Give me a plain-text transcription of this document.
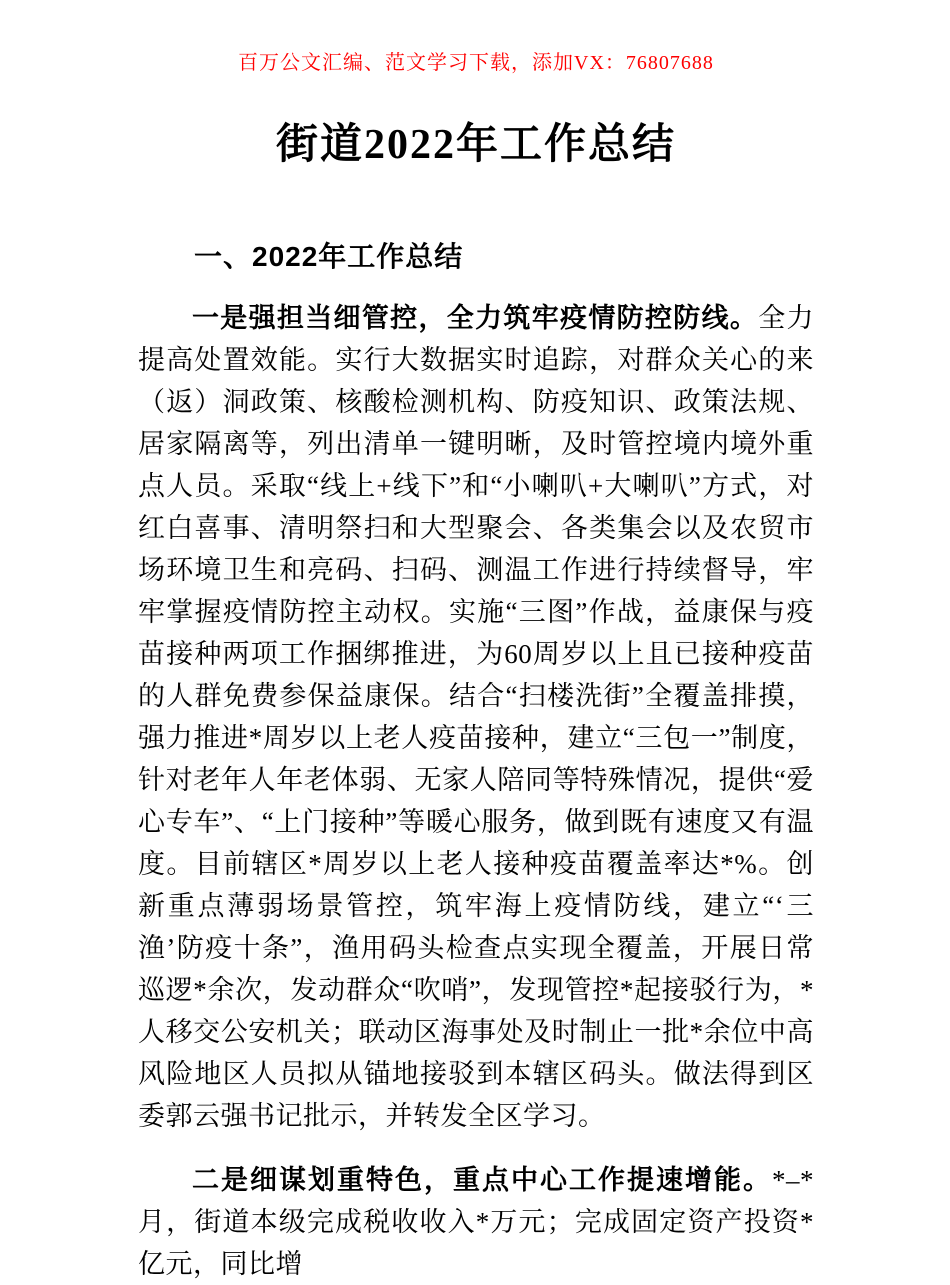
百万公文汇编、范文学习下载，添加VX：76807688
街道2022年工作总结
一、2022年工作总结

一是强担当细管控，全力筑牢疫情防控防线。全力提高处置效能。实行大数据实时追踪，对群众关心的来（返）洞政策、核酸检测机构、防疫知识、政策法规、居家隔离等，列出清单一键明晰，及时管控境内境外重点人员。采取“线上+线下”和“小喇叭+大喇叭”方式，对红白喜事、清明祭扫和大型聚会、各类集会以及农贸市场环境卫生和亮码、扫码、测温工作进行持续督导，牢牢掌握疫情防控主动权。实施“三图”作战，益康保与疫苗接种两项工作捆绑推进，为60周岁以上且已接种疫苗的人群免费参保益康保。结合“扫楼洗街”全覆盖排摸，强力推进*周岁以上老人疫苗接种，建立“三包一”制度，针对老年人年老体弱、无家人陪同等特殊情况，提供“爱心专车”、“上门接种”等暖心服务，做到既有速度又有温度。目前辖区*周岁以上老人接种疫苗覆盖率达*%。创新重点薄弱场景管控，筑牢海上疫情防线，建立“‘三渔’防疫十条”，渔用码头检查点实现全覆盖，开展日常巡逻*余次，发动群众“吹哨”，发现管控*起接驳行为，*人移交公安机关；联动区海事处及时制止一批*余位中高风险地区人员拟从锚地接驳到本辖区码头。做法得到区委郭云强书记批示，并转发全区学习。

二是细谋划重特色，重点中心工作提速增能。*–*月，街道本级完成税收收入*万元；完成固定资产投资*亿元，同比增
